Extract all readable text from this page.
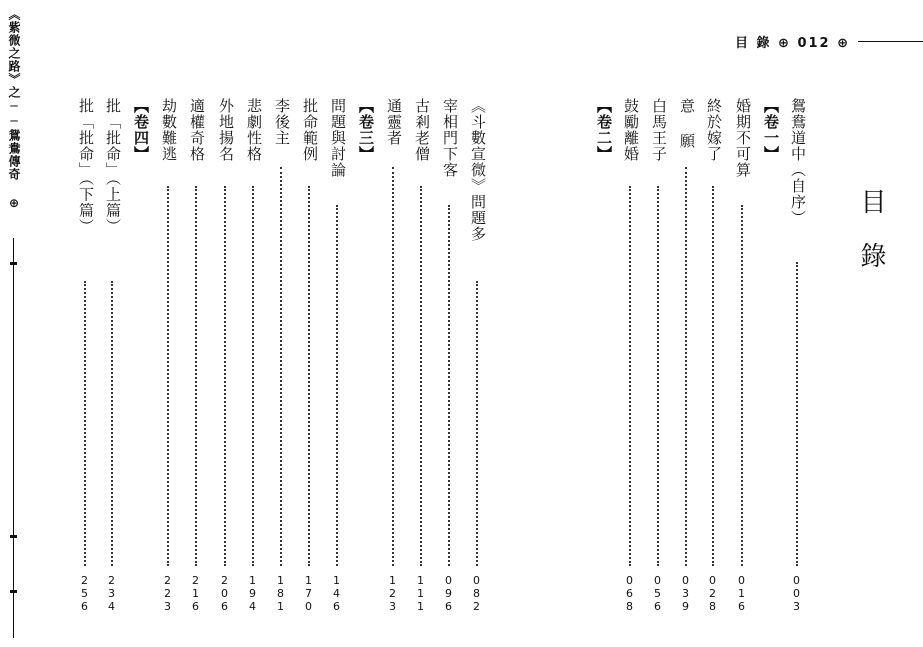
《紫微之路》之──鴛鴦傳奇 ⊕	目 錄 ⊕ 012 ⊕
目錄
鴛鴦道中（自序）
003
【卷一】
婚期不可算
016
終於嫁了
028
意 願
039
白馬王子
056
鼓勵離婚
068
【卷二】
《斗數宣微》問題多
082
宰相門下客
096
古剎老僧
111
通靈者
123
【卷三】
問題與討論
146
批命範例
170
李後主
181
悲劇性格
194
外地揚名
206
適權奇格
216
劫數難逃
223
【卷四】
批「批命」（上篇）
234
批「批命」（下篇）
256
